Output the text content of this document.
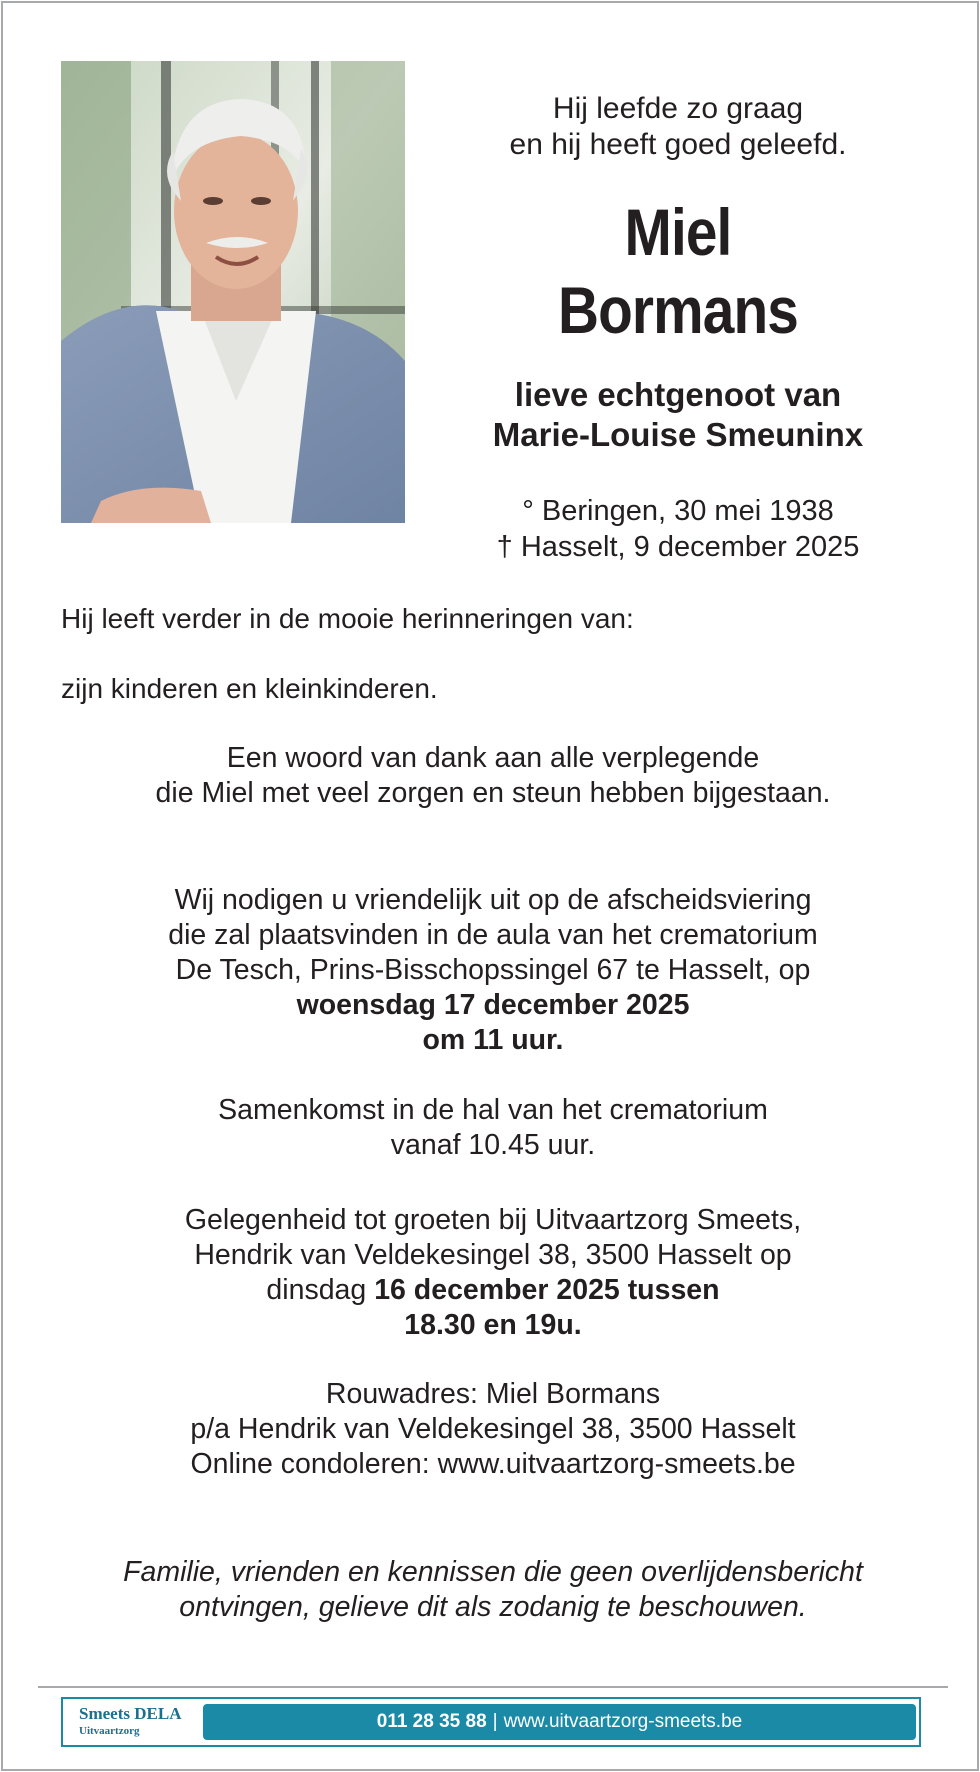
Hij leefde zo graag
en hij heeft goed geleefd.
Miel
Bormans
lieve echtgenoot van
Marie-Louise Smeuninx
° Beringen, 30 mei 1938
† Hasselt, 9 december 2025
Hij leeft verder in de mooie herinneringen van:
zijn kinderen en kleinkinderen.
Een woord van dank aan alle verplegende
die Miel met veel zorgen en steun hebben bijgestaan.
Wij nodigen u vriendelijk uit op de afscheidsviering
die zal plaatsvinden in de aula van het crematorium
De Tesch, Prins-Bisschopssingel 67 te Hasselt, op
woensdag 17 december 2025
om 11 uur.
Samenkomst in de hal van het crematorium
vanaf 10.45 uur.
Gelegenheid tot groeten bij Uitvaartzorg Smeets,
Hendrik van Veldekesingel 38, 3500 Hasselt op
dinsdag 16 december 2025 tussen
18.30 en 19u.
Rouwadres: Miel Bormans
p/a Hendrik van Veldekesingel 38, 3500 Hasselt
Online condoleren: www.uitvaartzorg-smeets.be
Familie, vrienden en kennissen die geen overlijdensbericht
ontvingen, gelieve dit als zodanig te beschouwen.
Smeets DELA
Uitvaartzorg	011 28 35 88 | www.uitvaartzorg-smeets.be
